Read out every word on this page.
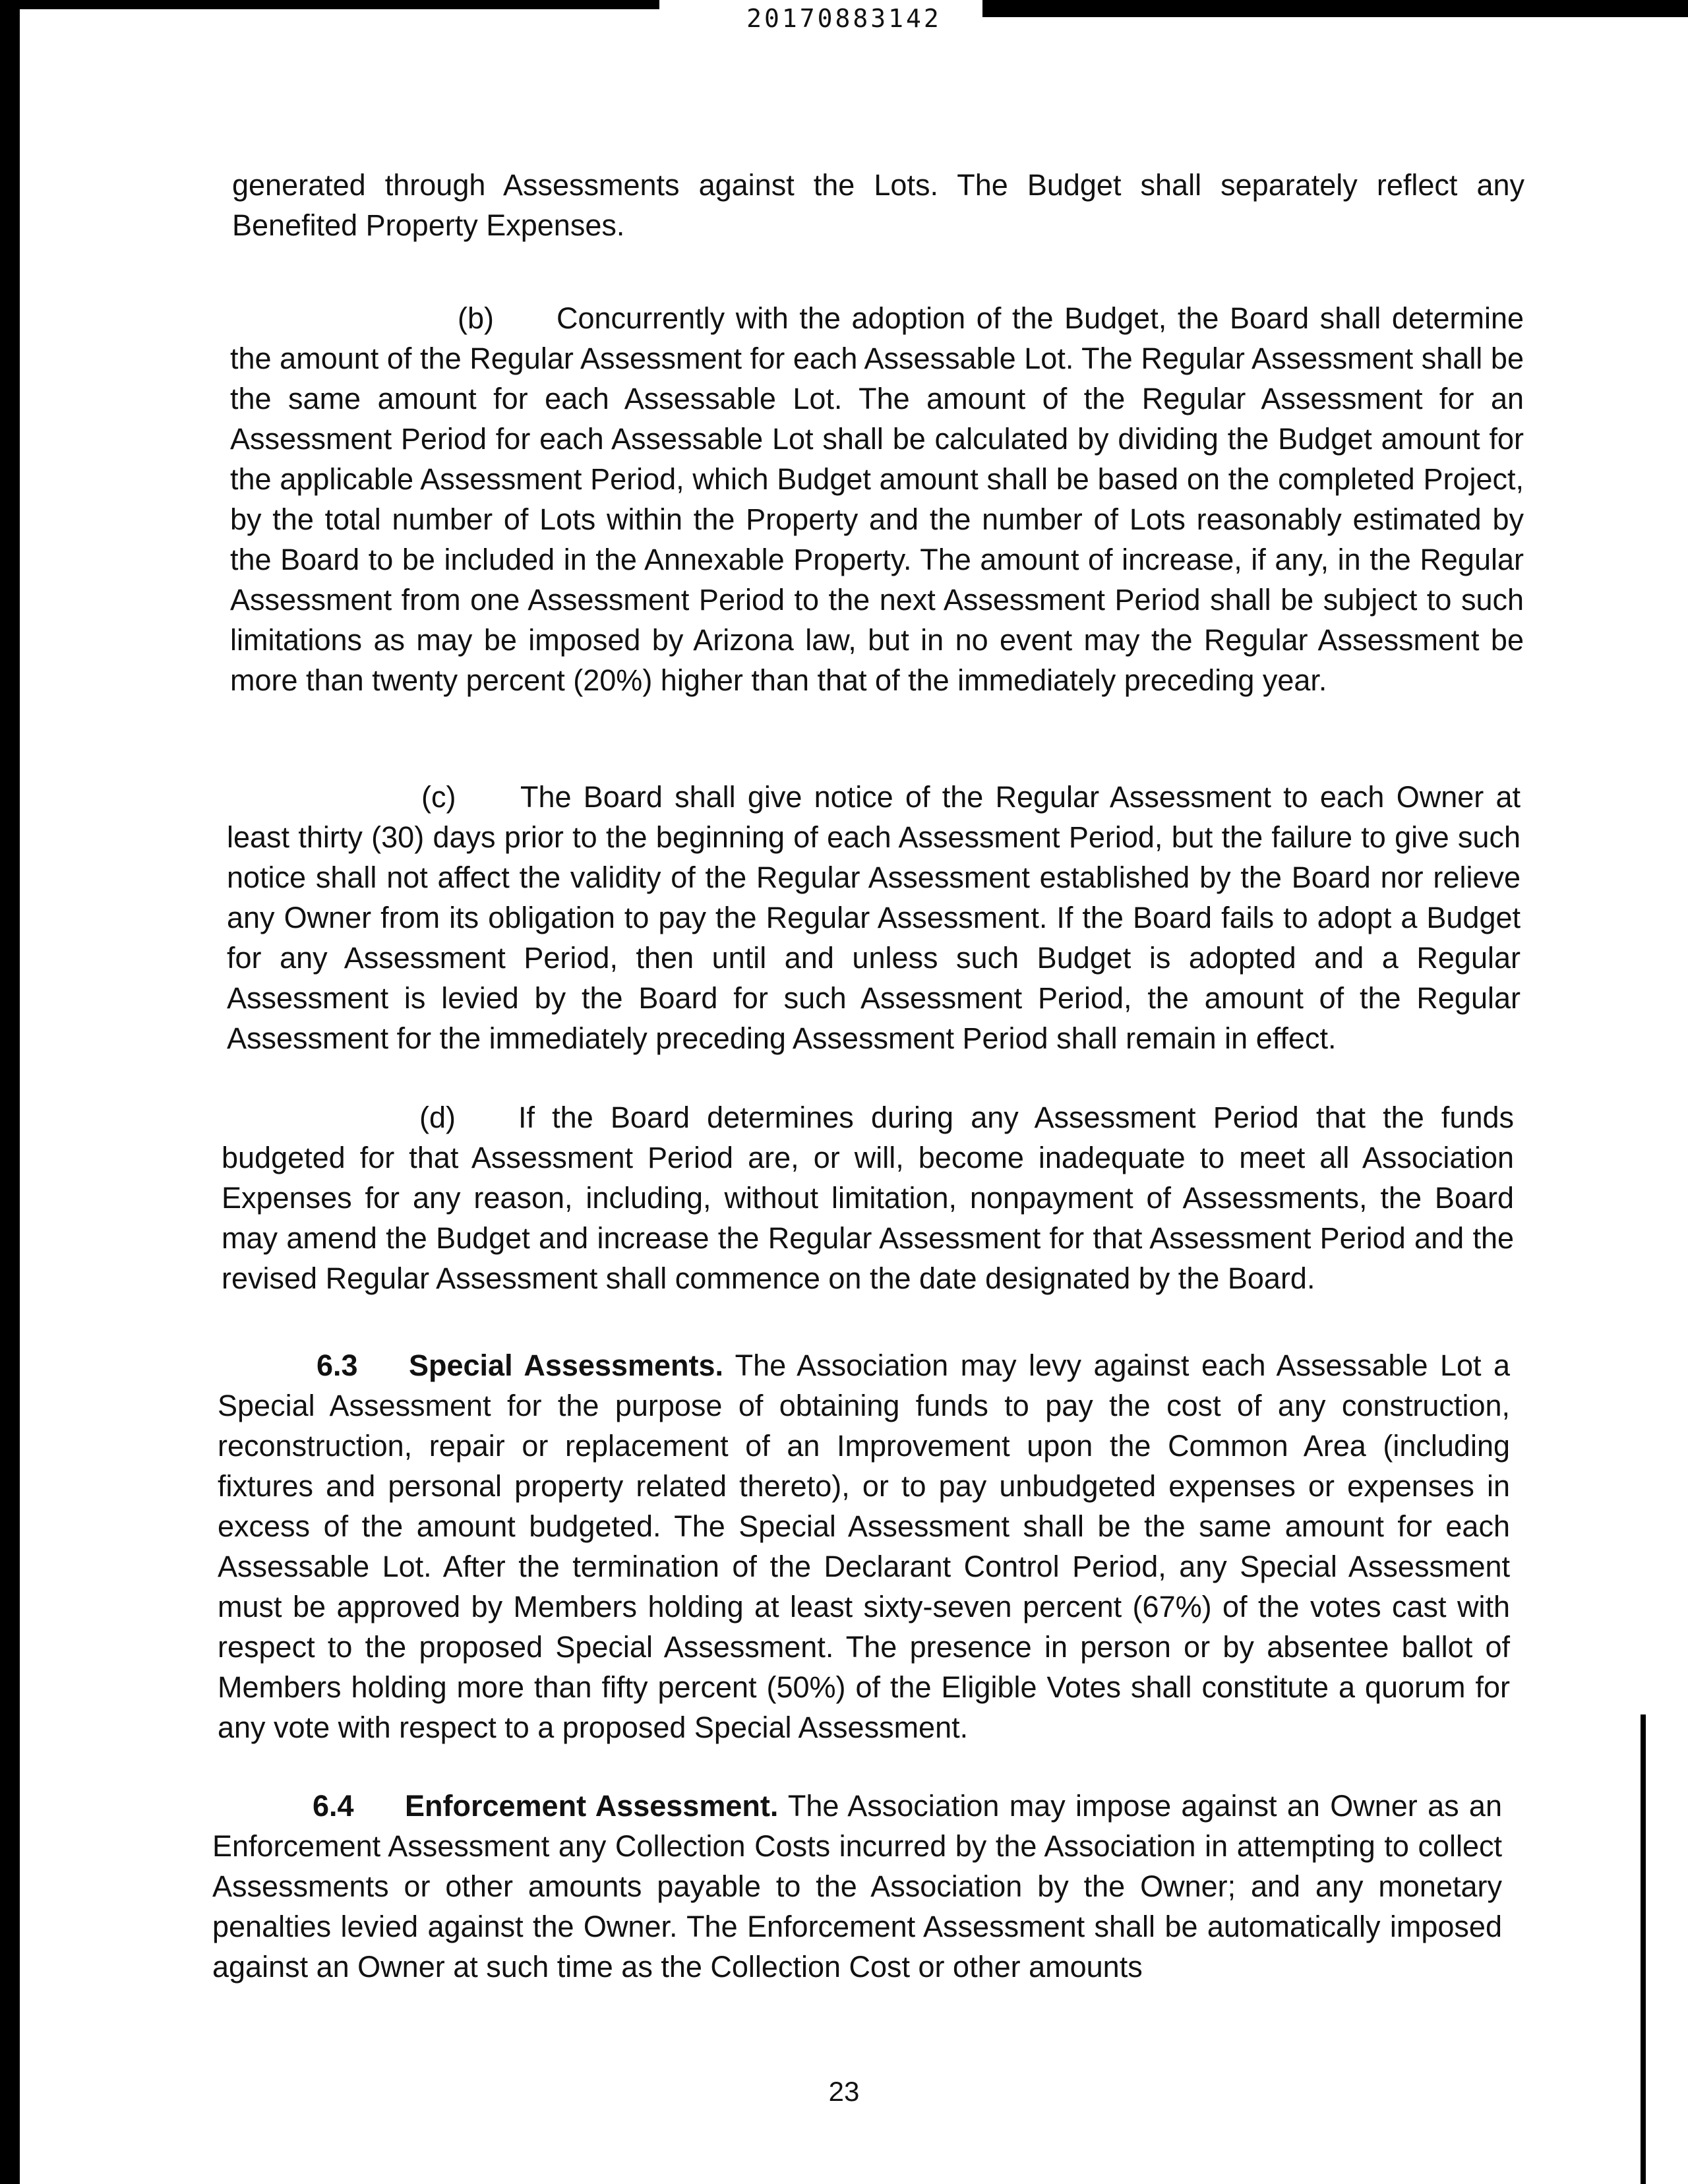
20170883142

generated through Assessments against the Lots. The Budget shall separately reflect any Benefited Property Expenses.

(b) Concurrently with the adoption of the Budget, the Board shall determine the amount of the Regular Assessment for each Assessable Lot. The Regular Assessment shall be the same amount for each Assessable Lot. The amount of the Regular Assessment for an Assessment Period for each Assessable Lot shall be calculated by dividing the Budget amount for the applicable Assessment Period, which Budget amount shall be based on the completed Project, by the total number of Lots within the Property and the number of Lots reasonably estimated by the Board to be included in the Annexable Property. The amount of increase, if any, in the Regular Assessment from one Assessment Period to the next Assessment Period shall be subject to such limitations as may be imposed by Arizona law, but in no event may the Regular Assessment be more than twenty percent (20%) higher than that of the immediately preceding year.

(c) The Board shall give notice of the Regular Assessment to each Owner at least thirty (30) days prior to the beginning of each Assessment Period, but the failure to give such notice shall not affect the validity of the Regular Assessment established by the Board nor relieve any Owner from its obligation to pay the Regular Assessment. If the Board fails to adopt a Budget for any Assessment Period, then until and unless such Budget is adopted and a Regular Assessment is levied by the Board for such Assessment Period, the amount of the Regular Assessment for the immediately preceding Assessment Period shall remain in effect.

(d) If the Board determines during any Assessment Period that the funds budgeted for that Assessment Period are, or will, become inadequate to meet all Association Expenses for any reason, including, without limitation, nonpayment of Assessments, the Board may amend the Budget and increase the Regular Assessment for that Assessment Period and the revised Regular Assessment shall commence on the date designated by the Board.

6.3 Special Assessments. The Association may levy against each Assessable Lot a Special Assessment for the purpose of obtaining funds to pay the cost of any construction, reconstruction, repair or replacement of an Improvement upon the Common Area (including fixtures and personal property related thereto), or to pay unbudgeted expenses or expenses in excess of the amount budgeted. The Special Assessment shall be the same amount for each Assessable Lot. After the termination of the Declarant Control Period, any Special Assessment must be approved by Members holding at least sixty-seven percent (67%) of the votes cast with respect to the proposed Special Assessment. The presence in person or by absentee ballot of Members holding more than fifty percent (50%) of the Eligible Votes shall constitute a quorum for any vote with respect to a proposed Special Assessment.

6.4 Enforcement Assessment. The Association may impose against an Owner as an Enforcement Assessment any Collection Costs incurred by the Association in attempting to collect Assessments or other amounts payable to the Association by the Owner; and any monetary penalties levied against the Owner. The Enforcement Assessment shall be automatically imposed against an Owner at such time as the Collection Cost or other amounts

23
